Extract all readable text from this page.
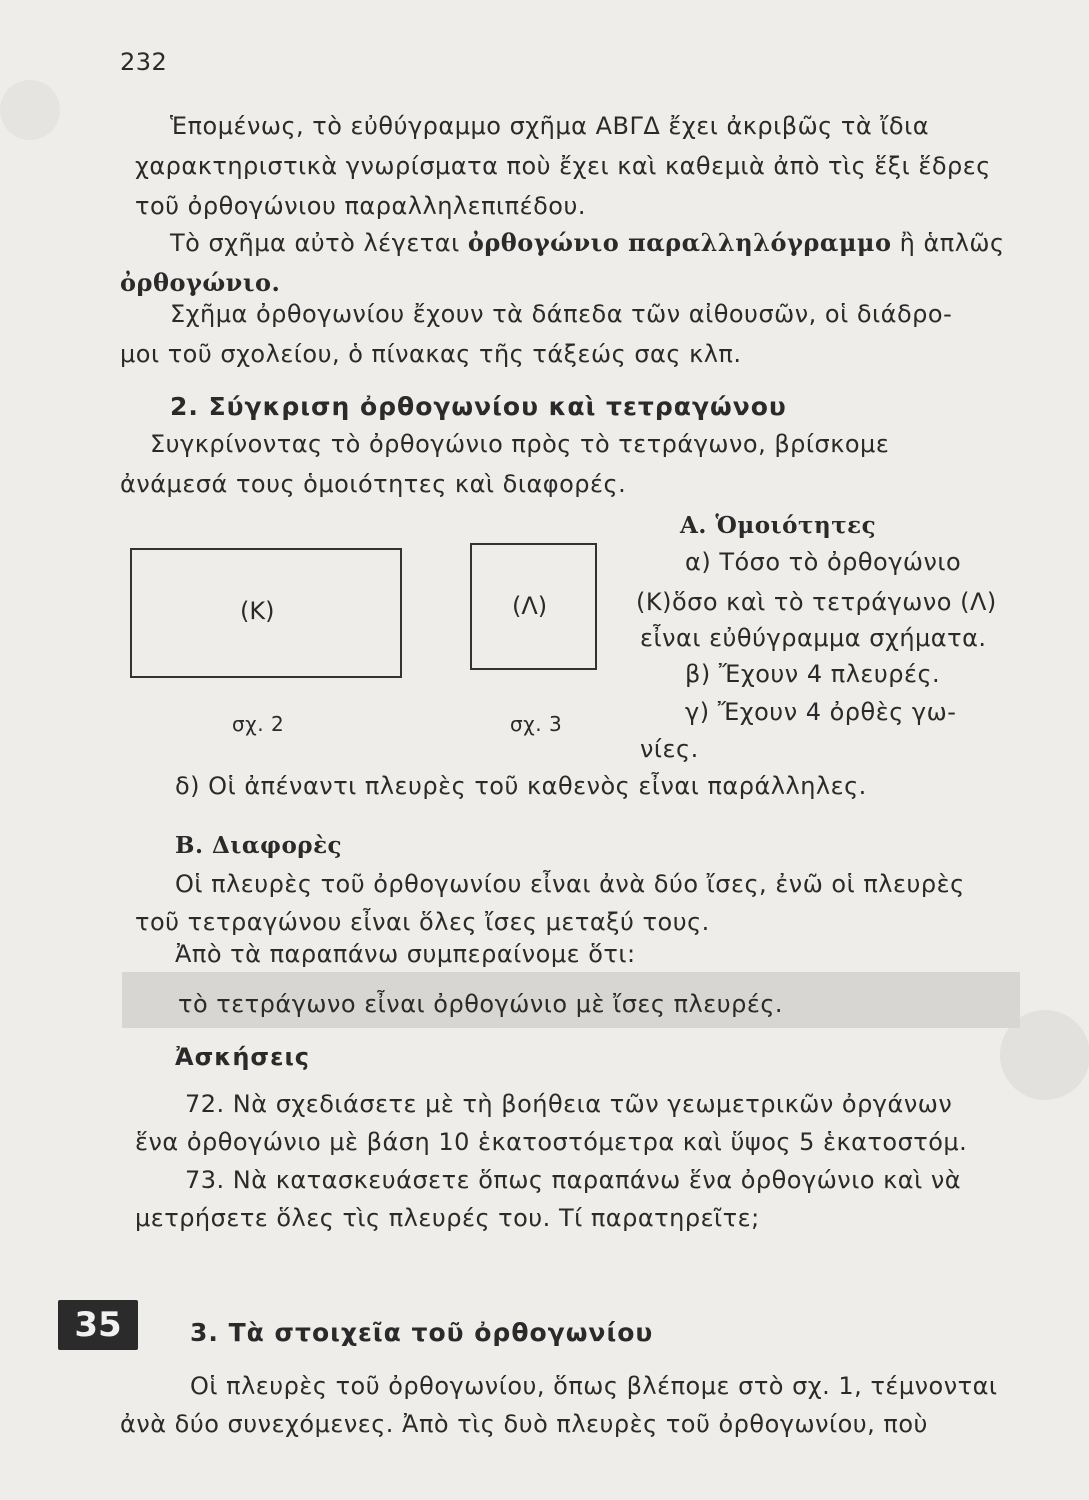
232
Ἑπομένως, τὸ εὐθύγραμμο σχῆμα ΑΒΓΔ ἔχει ἀκριβῶς τὰ ἴδια
χαρακτηριστικὰ γνωρίσματα ποὺ ἔχει καὶ καθεμιὰ ἀπὸ τὶς ἕξι ἕδρες
τοῦ ὀρθογώνιου παραλληλεπιπέδου.
Τὸ σχῆμα αὐτὸ λέγεται ὀρθογώνιο παραλληλόγραμμο ἢ ἁπλῶς
ὀρθογώνιο.
Σχῆμα ὀρθογωνίου ἔχουν τὰ δάπεδα τῶν αἰθουσῶν, οἱ διάδρο-
μοι τοῦ σχολείου, ὁ πίνακας τῆς τάξεώς σας κλπ.
2. Σύγκριση ὀρθογωνίου καὶ τετραγώνου
Συγκρίνοντας τὸ ὀρθογώνιο πρὸς τὸ τετράγωνο, βρίσκομε
ἀνάμεσά τους ὁμοιότητες καὶ διαφορές.
(Κ)	(Λ)
σχ. 2	σχ. 3
Α. Ὁμοιότητες
α) Τόσο τὸ ὀρθογώνιο
(Κ)ὅσο καὶ τὸ τετράγωνο (Λ)
εἶναι εὐθύγραμμα σχήματα.
β) Ἔχουν 4 πλευρές.
γ) Ἔχουν 4 ὀρθὲς γω-
νίες.
δ) Οἱ ἀπέναντι πλευρὲς τοῦ καθενὸς εἶναι παράλληλες.
Β. Διαφορὲς
Οἱ πλευρὲς τοῦ ὀρθογωνίου εἶναι ἀνὰ δύο ἴσες, ἐνῶ οἱ πλευρὲς
τοῦ τετραγώνου εἶναι ὅλες ἴσες μεταξύ τους.
Ἀπὸ τὰ παραπάνω συμπεραίνομε ὅτι:
τὸ τετράγωνο εἶναι ὀρθογώνιο μὲ ἴσες πλευρές.
Ἀσκήσεις
72. Νὰ σχεδιάσετε μὲ τὴ βοήθεια τῶν γεωμετρικῶν ὀργάνων
ἕνα ὀρθογώνιο μὲ βάση 10 ἑκατοστόμετρα καὶ ὕψος 5 ἑκατοστόμ.
73. Νὰ κατασκευάσετε ὅπως παραπάνω ἕνα ὀρθογώνιο καὶ νὰ
μετρήσετε ὅλες τὶς πλευρές του. Τί παρατηρεῖτε;
35	3. Τὰ στοιχεῖα τοῦ ὀρθογωνίου
Οἱ πλευρὲς τοῦ ὀρθογωνίου, ὅπως βλέπομε στὸ σχ. 1, τέμνονται
ἀνὰ δύο συνεχόμενες. Ἀπὸ τὶς δυὸ πλευρὲς τοῦ ὀρθογωνίου, ποὺ
